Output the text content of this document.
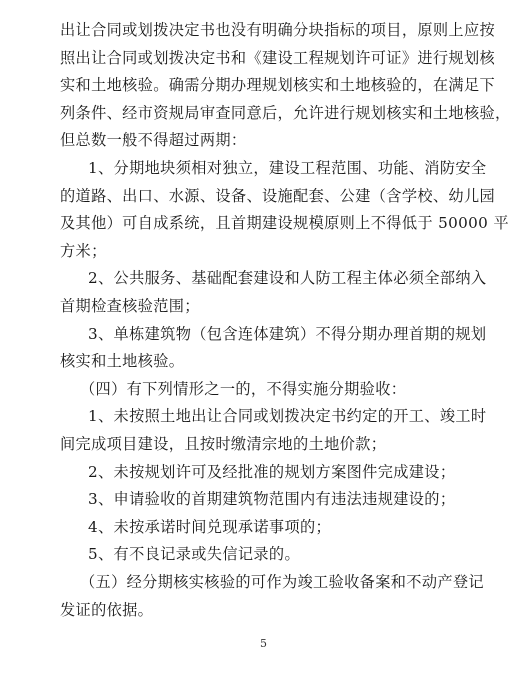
出让合同或划拨决定书也没有明确分块指标的项目，原则上应按
照出让合同或划拨决定书和《建设工程规划许可证》进行规划核
实和土地核验。确需分期办理规划核实和土地核验的，在满足下
列条件、经市资规局审查同意后，允许进行规划核实和土地核验，
但总数一般不得超过两期：
1、分期地块须相对独立，建设工程范围、功能、消防安全
的道路、出口、水源、设备、设施配套、公建（含学校、幼儿园
及其他）可自成系统，且首期建设规模原则上不得低于 50000 平
方米；
2、公共服务、基础配套建设和人防工程主体必须全部纳入
首期检查核验范围；
3、单栋建筑物（包含连体建筑）不得分期办理首期的规划
核实和土地核验。
（四）有下列情形之一的，不得实施分期验收：
1、未按照土地出让合同或划拨决定书约定的开工、竣工时
间完成项目建设，且按时缴清宗地的土地价款；
2、未按规划许可及经批准的规划方案图件完成建设；
3、申请验收的首期建筑物范围内有违法违规建设的；
4、未按承诺时间兑现承诺事项的；
5、有不良记录或失信记录的。
（五）经分期核实核验的可作为竣工验收备案和不动产登记
发证的依据。
5
